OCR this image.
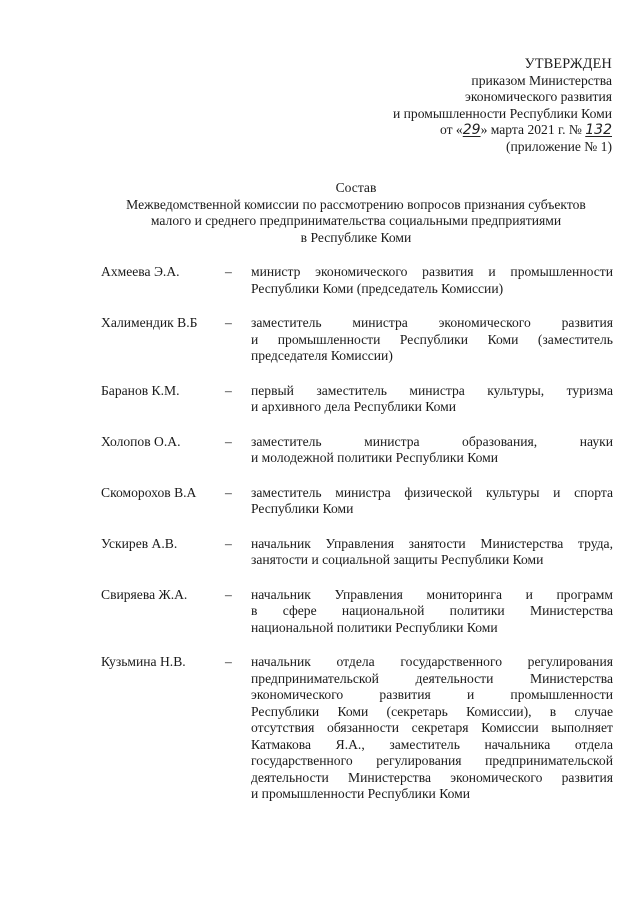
УТВЕРЖДЕН
приказом Министерства
экономического развития
и промышленности Республики Коми
от «29» марта 2021 г. № 132
(приложение № 1)
Состав
Межведомственной комиссии по рассмотрению вопросов признания субъектов
малого и среднего предпринимательства социальными предприятиями
в Республике Коми
Ахмеева Э.А.	– министр экономического развития и промышленности
Республики Коми (председатель Комиссии)
Халимендик В.Б – заместитель министра экономического развития
и промышленности Республики Коми (заместитель
председателя Комиссии)
Баранов К.М.	– первый заместитель министра культуры, туризма
и архивного дела Республики Коми
Холопов О.А.	– заместитель министра образования, науки
и молодежной политики Республики Коми
Скоморохов В.А – заместитель министра физической культуры и спорта
Республики Коми
Ускирев А.В.	– начальник Управления занятости Министерства труда,
занятости и социальной защиты Республики Коми
Свиряева Ж.А.	– начальник Управления мониторинга и программ
в сфере национальной политики Министерства
национальной политики Республики Коми
Кузьмина Н.В.	– начальник отдела государственного регулирования
предпринимательской деятельности Министерства
экономического развития и промышленности
Республики Коми (секретарь Комиссии), в случае
отсутствия обязанности секретаря Комиссии выполняет
Катмакова Я.А., заместитель начальника отдела
государственного регулирования предпринимательской
деятельности Министерства экономического развития
и промышленности Республики Коми
